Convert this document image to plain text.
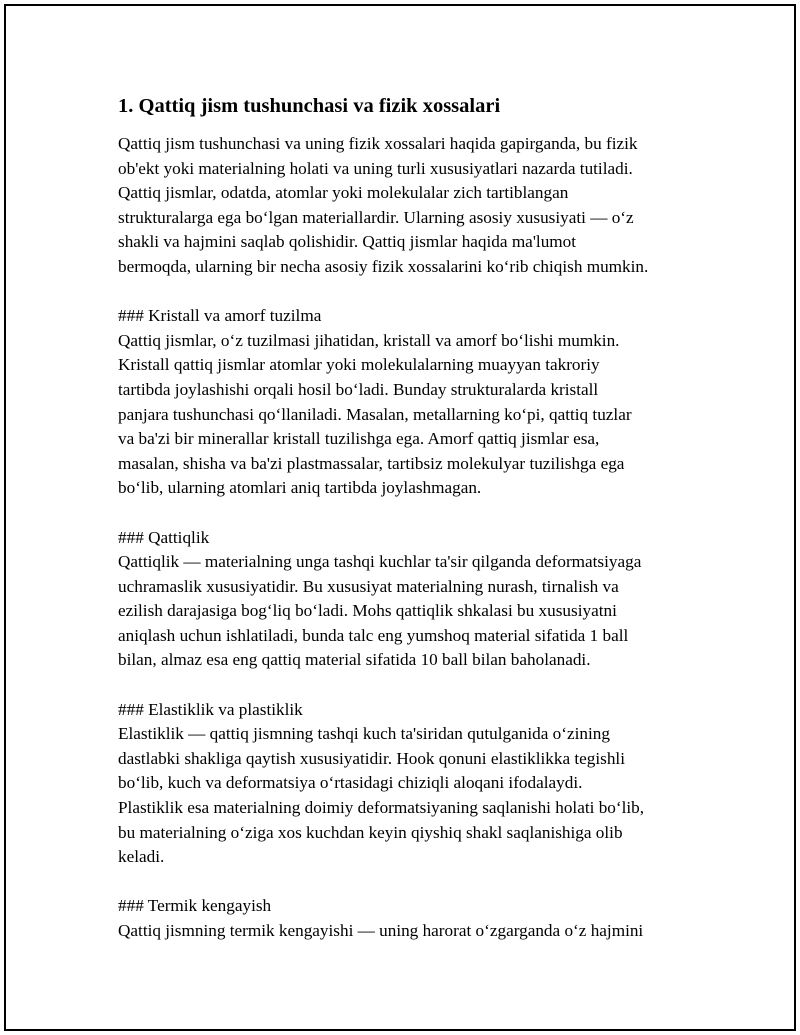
1. Qattiq jism tushunchasi va fizik xossalari
Qattiq jism tushunchasi va uning fizik xossalari haqida gapirganda, bu fizik
ob'ekt yoki materialning holati va uning turli xususiyatlari nazarda tutiladi.
Qattiq jismlar, odatda, atomlar yoki molekulalar zich tartiblangan
strukturalarga ega bo‘lgan materiallardir. Ularning asosiy xususiyati — o‘z
shakli va hajmini saqlab qolishidir. Qattiq jismlar haqida ma'lumot
bermoqda, ularning bir necha asosiy fizik xossalarini ko‘rib chiqish mumkin.
### Kristall va amorf tuzilma
Qattiq jismlar, o‘z tuzilmasi jihatidan, kristall va amorf bo‘lishi mumkin.
Kristall qattiq jismlar atomlar yoki molekulalarning muayyan takroriy
tartibda joylashishi orqali hosil bo‘ladi. Bunday strukturalarda kristall
panjara tushunchasi qo‘llaniladi. Masalan, metallarning ko‘pi, qattiq tuzlar
va ba'zi bir minerallar kristall tuzilishga ega. Amorf qattiq jismlar esa,
masalan, shisha va ba'zi plastmassalar, tartibsiz molekulyar tuzilishga ega
bo‘lib, ularning atomlari aniq tartibda joylashmagan.
### Qattiqlik
Qattiqlik — materialning unga tashqi kuchlar ta'sir qilganda deformatsiyaga
uchramaslik xususiyatidir. Bu xususiyat materialning nurash, tirnalish va
ezilish darajasiga bog‘liq bo‘ladi. Mohs qattiqlik shkalasi bu xususiyatni
aniqlash uchun ishlatiladi, bunda talc eng yumshoq material sifatida 1 ball
bilan, almaz esa eng qattiq material sifatida 10 ball bilan baholanadi.
### Elastiklik va plastiklik
Elastiklik — qattiq jismning tashqi kuch ta'siridan qutulganida o‘zining
dastlabki shakliga qaytish xususiyatidir. Hook qonuni elastiklikka tegishli
bo‘lib, kuch va deformatsiya o‘rtasidagi chiziqli aloqani ifodalaydi.
Plastiklik esa materialning doimiy deformatsiyaning saqlanishi holati bo‘lib,
bu materialning o‘ziga xos kuchdan keyin qiyshiq shakl saqlanishiga olib
keladi.
### Termik kengayish
Qattiq jismning termik kengayishi — uning harorat o‘zgarganda o‘z hajmini
